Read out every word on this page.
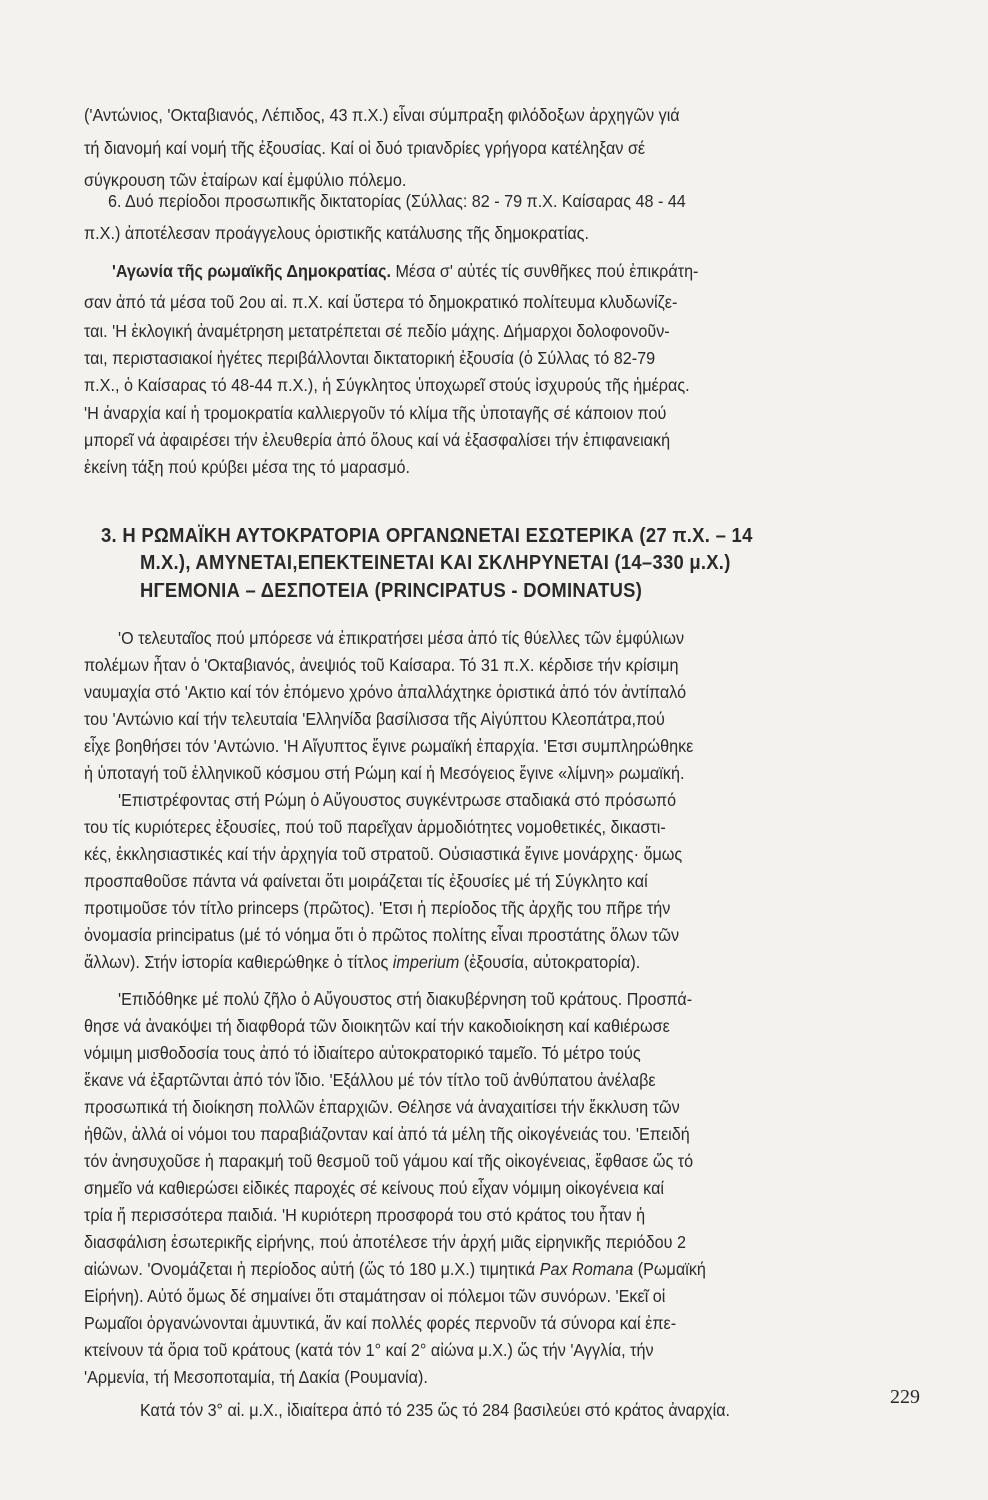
('Αντώνιος, 'Οκταβιανός, Λέπιδος, 43 π.Χ.) εἶναι σύμπραξη φιλόδοξων ἀρχηγῶν γιά
τή διανομή καί νομή τῆς ἐξουσίας. Καί οἱ δυό τριανδρίες γρήγορα κατέληξαν σέ
σύγκρουση τῶν ἑταίρων καί ἐμφύλιο πόλεμο.
6. Δυό περίοδοι προσωπικῆς δικτατορίας (Σύλλας: 82 - 79 π.Χ. Καίσαρας 48 - 44
π.Χ.) ἀποτέλεσαν προάγγελους ὁριστικῆς κατάλυσης τῆς δημοκρατίας.
'Αγωνία τῆς ρωμαϊκῆς Δημοκρατίας. Μέσα σ' αὐτές τίς συνθῆκες πού ἐπικράτη-
σαν ἀπό τά μέσα τοῦ 2ου αἰ. π.Χ. καί ὕστερα τό δημοκρατικό πολίτευμα κλυδωνίζε-
ται. 'Η ἐκλογική ἀναμέτρηση μετατρέπεται σέ πεδίο μάχης. Δήμαρχοι δολοφονοῦν-
ται, περιστασιακοί ἡγέτες περιβάλλονται δικτατορική ἐξουσία (ὁ Σύλλας τό 82-79
π.Χ., ὁ Καίσαρας τό 48-44 π.Χ.), ἡ Σύγκλητος ὑποχωρεῖ στούς ἰσχυρούς τῆς ἡμέρας.
'Η ἀναρχία καί ἡ τρομοκρατία καλλιεργοῦν τό κλίμα τῆς ὑποταγῆς σέ κάποιον πού
μπορεῖ νά ἀφαιρέσει τήν ἐλευθερία ἀπό ὅλους καί νά ἐξασφαλίσει τήν ἐπιφανειακή
ἐκείνη τάξη πού κρύβει μέσα της τό μαρασμό.
3. Η ΡΩΜΑΪΚΗ ΑΥΤΟΚΡΑΤΟΡΙΑ ΟΡΓΑΝΩΝΕΤΑΙ ΕΣΩΤΕΡΙΚΑ (27 π.Χ. – 14
Μ.Χ.), ΑΜΥΝΕΤΑΙ,ΕΠΕΚΤΕΙΝΕΤΑΙ ΚΑΙ ΣΚΛΗΡΥΝΕΤΑΙ (14–330 μ.Χ.)
ΗΓΕΜΟΝΙΑ – ΔΕΣΠΟΤΕΙΑ (PRINCIPATUS - DOMINATUS)
'Ο τελευταῖος πού μπόρεσε νά ἐπικρατήσει μέσα ἀπό τίς θύελλες τῶν ἐμφύλιων
πολέμων ἦταν ὁ 'Οκταβιανός, ἀνεψιός τοῦ Καίσαρα. Τό 31 π.Χ. κέρδισε τήν κρίσιμη
ναυμαχία στό 'Ακτιο καί τόν ἑπόμενο χρόνο ἀπαλλάχτηκε ὁριστικά ἀπό τόν ἀντίπαλό
του 'Αντώνιο καί τήν τελευταία 'Ελληνίδα βασίλισσα τῆς Αἰγύπτου Κλεοπάτρα,πού
εἶχε βοηθήσει τόν 'Αντώνιο. 'Η Αἴγυπτος ἔγινε ρωμαϊκή ἐπαρχία. 'Ετσι συμπληρώθηκε
ἡ ὑποταγή τοῦ ἑλληνικοῦ κόσμου στή Ρώμη καί ἡ Μεσόγειος ἔγινε «λίμνη» ρωμαϊκή.
'Επιστρέφοντας στή Ρώμη ὁ Αὔγουστος συγκέντρωσε σταδιακά στό πρόσωπό
του τίς κυριότερες ἐξουσίες, πού τοῦ παρεῖχαν ἁρμοδιότητες νομοθετικές, δικαστι-
κές, ἐκκλησιαστικές καί τήν ἀρχηγία τοῦ στρατοῦ. Οὐσιαστικά ἔγινε μονάρχης· ὅμως
προσπαθοῦσε πάντα νά φαίνεται ὅτι μοιράζεται τίς ἐξουσίες μέ τή Σύγκλητο καί
προτιμοῦσε τόν τίτλο princeps (πρῶτος). 'Ετσι ἡ περίοδος τῆς ἀρχῆς του πῆρε τήν
ὀνομασία principatus (μέ τό νόημα ὅτι ὁ πρῶτος πολίτης εἶναι προστάτης ὅλων τῶν
ἄλλων). Στήν ἱστορία καθιερώθηκε ὁ τίτλος imperium (ἐξουσία, αὐτοκρατορία).
'Επιδόθηκε μέ πολύ ζῆλο ὁ Αὔγουστος στή διακυβέρνηση τοῦ κράτους. Προσπά-
θησε νά ἀνακόψει τή διαφθορά τῶν διοικητῶν καί τήν κακοδιοίκηση καί καθιέρωσε
νόμιμη μισθοδοσία τους ἀπό τό ἰδιαίτερο αὐτοκρατορικό ταμεῖο. Τό μέτρο τούς
ἔκανε νά ἐξαρτῶνται ἀπό τόν ἴδιο. 'Εξάλλου μέ τόν τίτλο τοῦ ἀνθύπατου ἀνέλαβε
προσωπικά τή διοίκηση πολλῶν ἐπαρχιῶν. Θέλησε νά ἀναχαιτίσει τήν ἔκκλυση τῶν
ἠθῶν, ἀλλά οἱ νόμοι του παραβιάζονταν καί ἀπό τά μέλη τῆς οἰκογένειάς του. 'Επειδή
τόν ἀνησυχοῦσε ἡ παρακμή τοῦ θεσμοῦ τοῦ γάμου καί τῆς οἰκογένειας, ἔφθασε ὥς τό
σημεῖο νά καθιερώσει εἰδικές παροχές σέ κείνους πού εἶχαν νόμιμη οἰκογένεια καί
τρία ἤ περισσότερα παιδιά. 'Η κυριότερη προσφορά του στό κράτος του ἦταν ἡ
διασφάλιση ἐσωτερικῆς εἰρήνης, πού ἀποτέλεσε τήν ἀρχή μιᾶς εἰρηνικῆς περιόδου 2
αἰώνων. 'Ονομάζεται ἡ περίοδος αὐτή (ὥς τό 180 μ.Χ.) τιμητικά Pax Romana (Ρωμαϊκή
Εἰρήνη). Αὐτό ὅμως δέ σημαίνει ὅτι σταμάτησαν οἱ πόλεμοι τῶν συνόρων. 'Εκεῖ οἱ
Ρωμαῖοι ὀργανώνονται ἀμυντικά, ἄν καί πολλές φορές περνοῦν τά σύνορα καί ἐπε-
κτείνουν τά ὅρια τοῦ κράτους (κατά τόν 1° καί 2° αἰώνα μ.Χ.) ὥς τήν 'Αγγλία, τήν
'Αρμενία, τή Μεσοποταμία, τή Δακία (Ρουμανία).
Κατά τόν 3° αἰ. μ.Χ., ἰδιαίτερα ἀπό τό 235 ὥς τό 284 βασιλεύει στό κράτος ἀναρχία.
229
